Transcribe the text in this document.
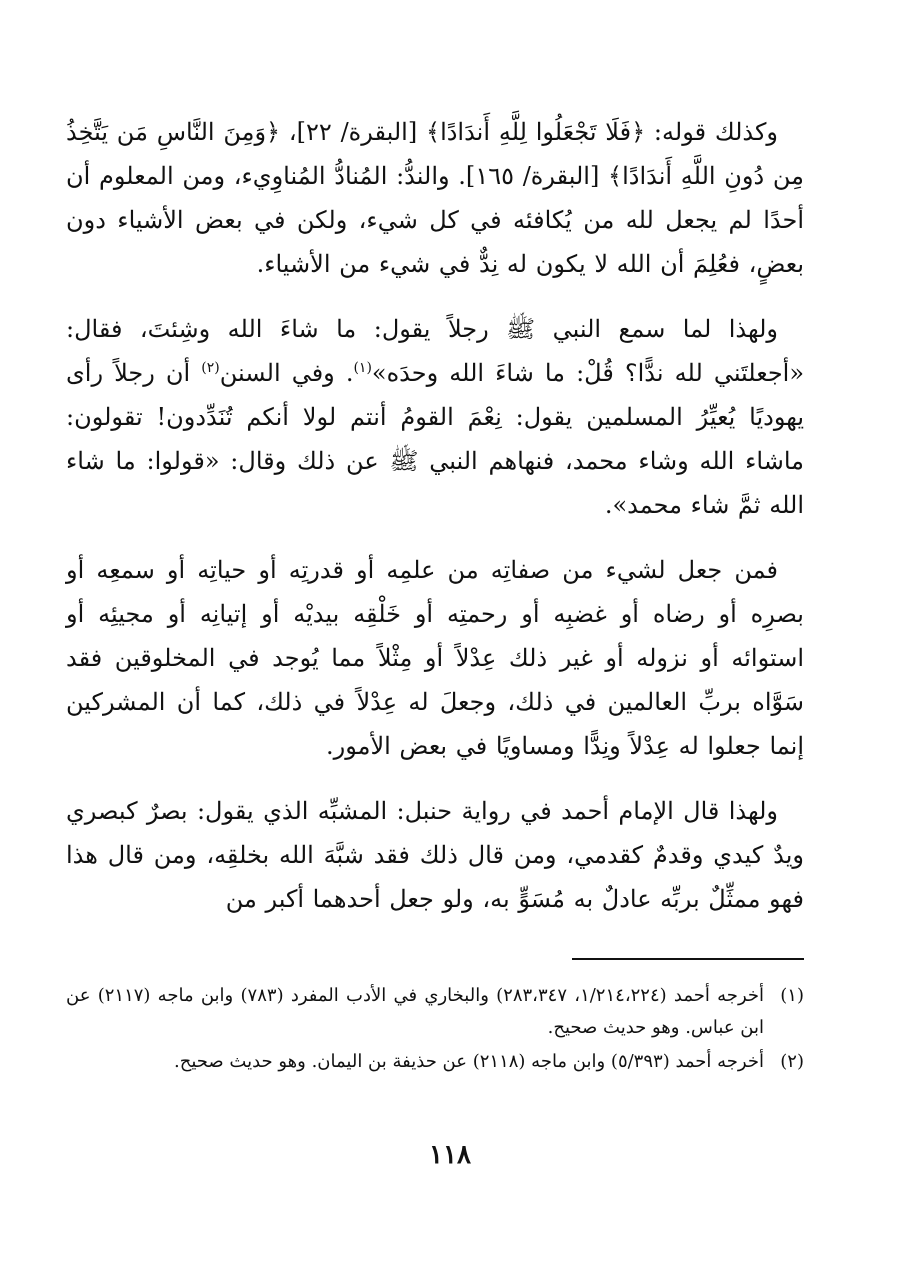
وكذلك قوله: ﴿فَلَا تَجْعَلُوا لِلَّهِ أَندَادًا﴾ [البقرة/ ٢٢]، ﴿وَمِنَ النَّاسِ مَن يَتَّخِذُ مِن دُونِ اللَّهِ أَندَادًا﴾ [البقرة/ ١٦٥]. والندُّ: المُنادُّ المُناوِيء، ومن المعلوم أن أحدًا لم يجعل لله من يُكافئه في كل شيء، ولكن في بعض الأشياء دون بعضٍ، فعُلِمَ أن الله لا يكون له نِدٌّ في شيء من الأشياء.

ولهذا لما سمع النبي ﷺ رجلاً يقول: ما شاءَ الله وشِئتَ، فقال: «أجعلتَني لله ندًّا؟ قُلْ: ما شاءَ الله وحدَه»$^{(١)}$. وفي السنن$^{(٢)}$ أن رجلاً رأى يهوديًا يُعيِّرُ المسلمين يقول: نِعْمَ القومُ أنتم لولا أنكم تُنَدِّدون! تقولون: ماشاء الله وشاء محمد، فنهاهم النبي ﷺ عن ذلك وقال: «قولوا: ما شاء الله ثمَّ شاء محمد».

فمن جعل لشيء من صفاتِه من علمِه أو قدرتِه أو حياتِه أو سمعِه أو بصرِه أو رضاه أو غضبِه أو رحمتِه أو خَلْقِه بيديْه أو إتيانِه أو مجيئِه أو استوائه أو نزوله أو غير ذلك عِدْلاً أو مِثْلاً مما يُوجد في المخلوقين فقد سَوَّاه بربِّ العالمين في ذلك، وجعلَ له عِدْلاً في ذلك، كما أن المشركين إنما جعلوا له عِدْلاً ونِدًّا ومساويًا في بعض الأمور.

ولهذا قال الإمام أحمد في رواية حنبل: المشبِّه الذي يقول: بصرٌ كبصري ويدٌ كيدي وقدمٌ كقدمي، ومن قال ذلك فقد شبَّهَ الله بخلقِه، ومن قال هذا فهو ممثِّلٌ بربِّه عادلٌ به مُسَوٍّ به، ولو جعل أحدهما أكبر من

(١)
أخرجه أحمد (١/٢١٤،٢٢٤، ٢٨٣،٣٤٧) والبخاري في الأدب المفرد (٧٨٣) وابن ماجه (٢١١٧) عن ابن عباس. وهو حديث صحيح.
(٢)
أخرجه أحمد (٥/٣٩٣) وابن ماجه (٢١١٨) عن حذيفة بن اليمان. وهو حديث صحيح.
١١٨
